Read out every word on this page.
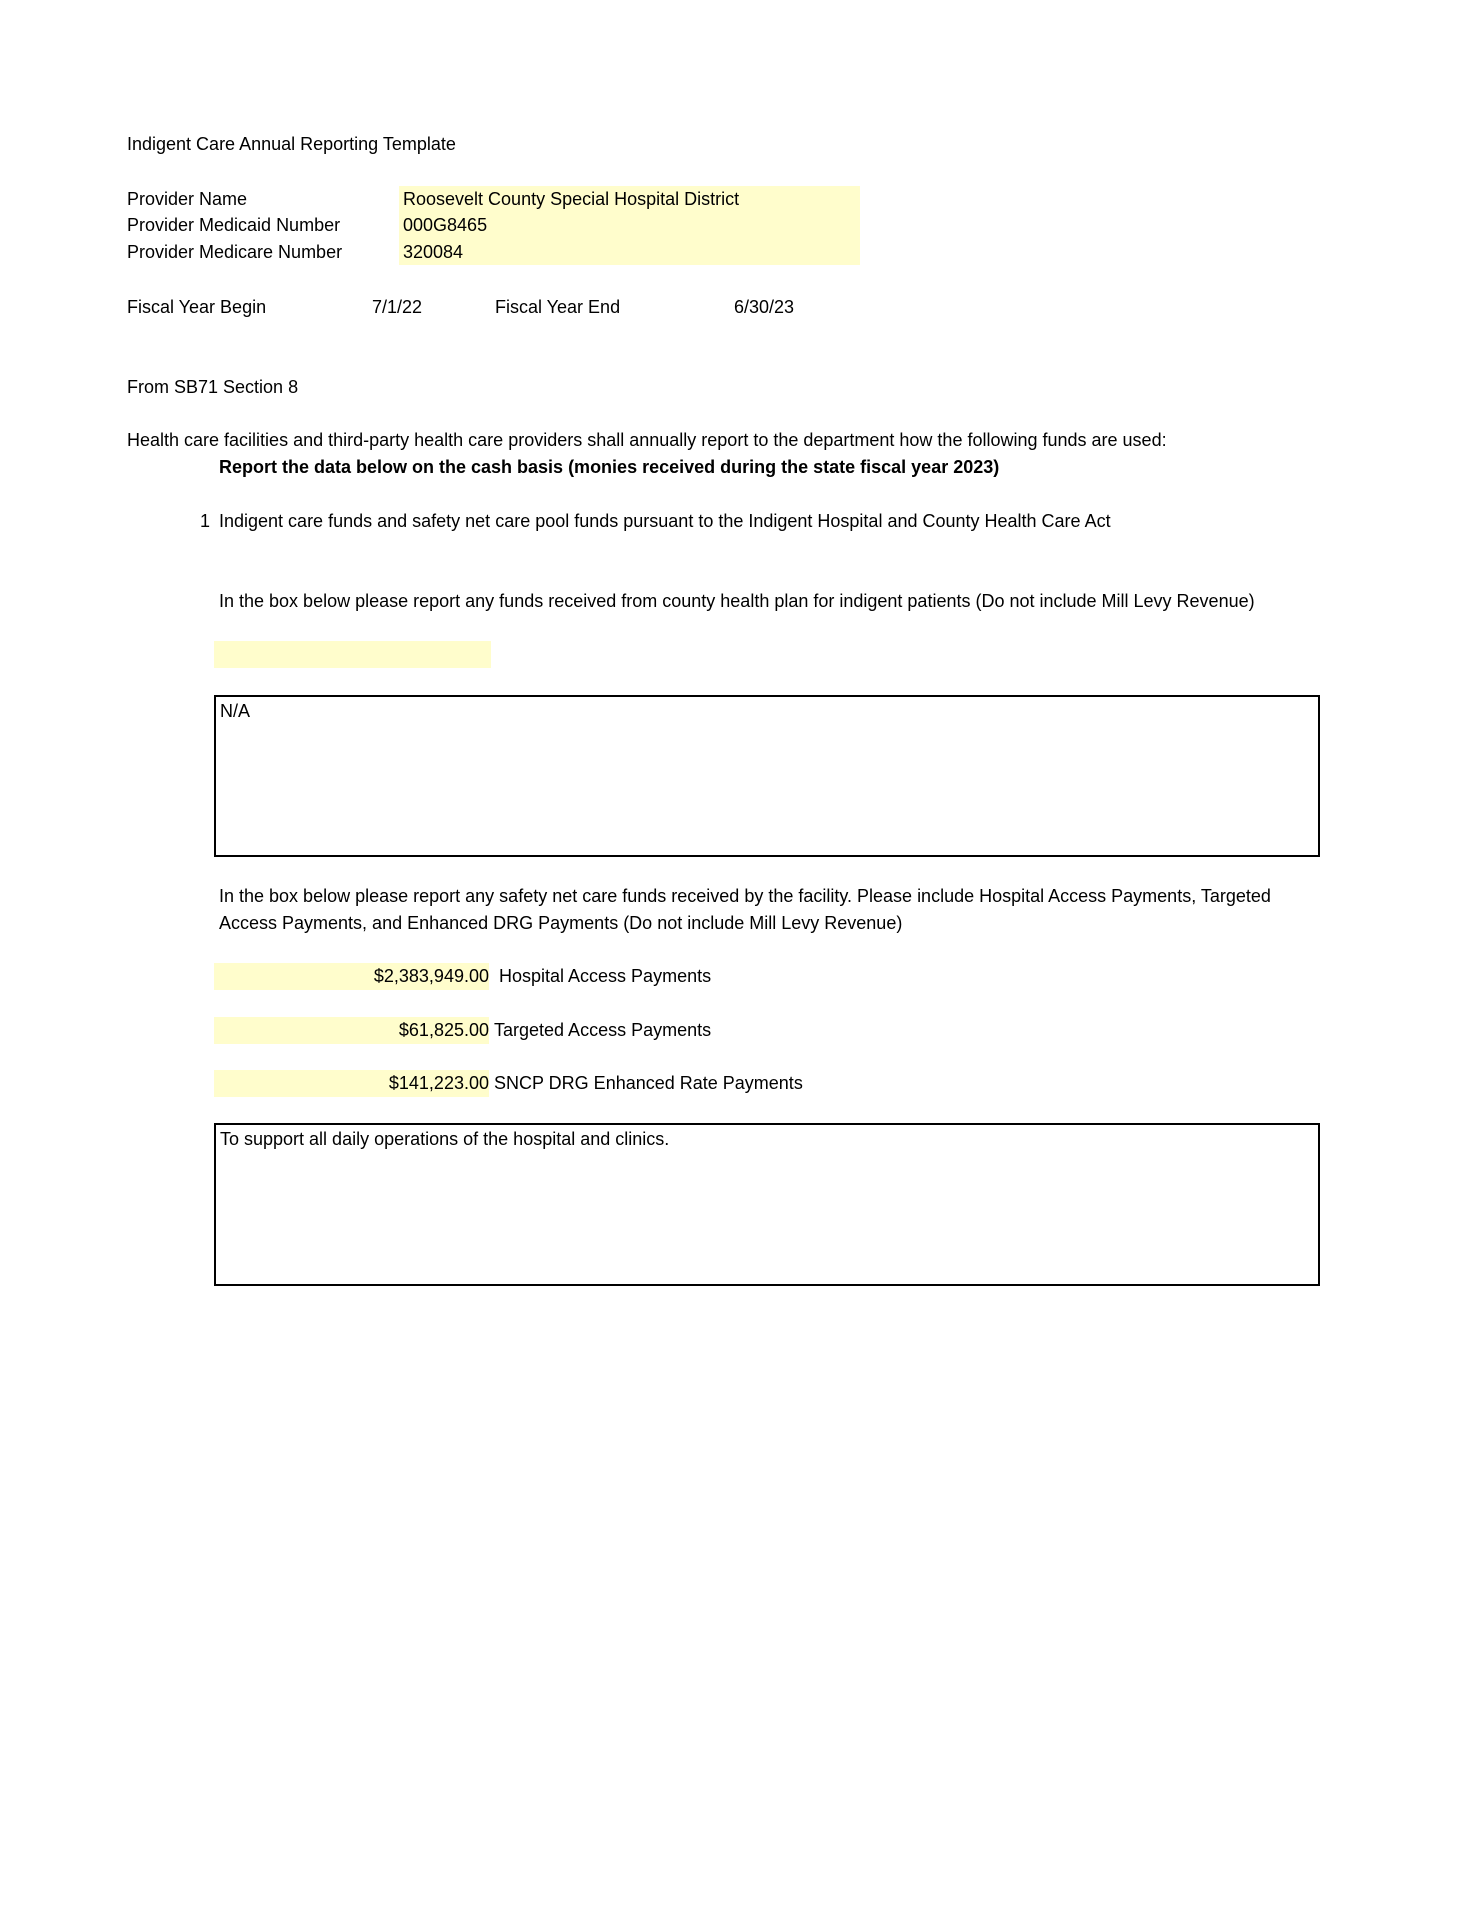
Indigent Care Annual Reporting Template
Provider Name	Roosevelt County Special Hospital District
Provider Medicaid Number	000G8465
Provider Medicare Number	320084
Fiscal Year Begin	7/1/22	Fiscal Year End	6/30/23
From SB71 Section 8
Health care facilities and third-party health care providers shall annually report to the department how the following funds are used:
Report the data below on the cash basis (monies received during the state fiscal year 2023)
1 Indigent care funds and safety net care pool funds pursuant to the Indigent Hospital and County Health Care Act
In the box below please report any funds received from county health plan for indigent patients (Do not include Mill Levy Revenue)
N/A
In the box below please report any safety net care funds received by the facility. Please include Hospital Access Payments, Targeted
Access Payments, and Enhanced DRG Payments (Do not include Mill Levy Revenue)
$2,383,949.00 Hospital Access Payments
$61,825.00 Targeted Access Payments
$141,223.00 SNCP DRG Enhanced Rate Payments
To support all daily operations of the hospital and clinics.
